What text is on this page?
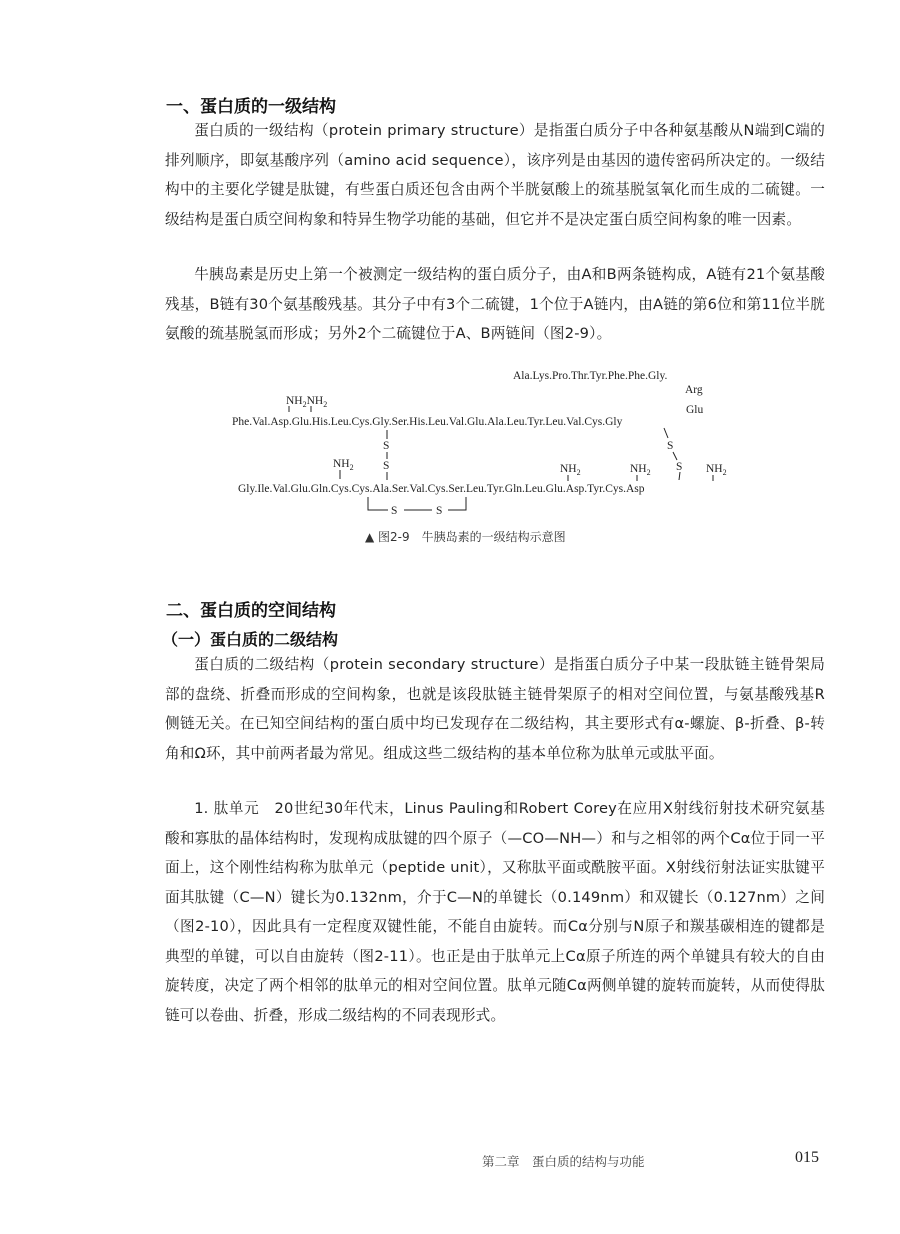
一、蛋白质的一级结构

蛋白质的一级结构（protein primary structure）是指蛋白质分子中各种氨基酸从N端到C端的排列顺序，即氨基酸序列（amino acid sequence），该序列是由基因的遗传密码所决定的。一级结构中的主要化学键是肽键，有些蛋白质还包含由两个半胱氨酸上的巯基脱氢氧化而生成的二硫键。一级结构是蛋白质空间构象和特异生物学功能的基础，但它并不是决定蛋白质空间构象的唯一因素。

牛胰岛素是历史上第一个被测定一级结构的蛋白质分子，由A和B两条链构成，A链有21个氨基酸残基，B链有30个氨基酸残基。其分子中有3个二硫键，1个位于A链内，由A链的第6位和第11位半胱氨酸的巯基脱氢而形成；另外2个二硫键位于A、B两链间（图2-9）。

Ala.Lys.Pro.Thr.Tyr.Phe.Phe.Gly.
Arg
Glu
$NH_2NH_2$
Phe.Val.Asp.Glu.His.Leu.Cys.Gly.Ser.His.Leu.Val.Glu.Ala.Leu.Tyr.Leu.Val.Cys.Gly
S
S
S
S
$NH_2$	$NH_2$	$NH_2$	$NH_2$
Gly.Ile.Val.Glu.Gln.Cys.Cys.Ala.Ser.Val.Cys.Ser.Leu.Tyr.Gln.Leu.Glu.Asp.Tyr.Cys.Asp
S	S
▲ 图2-9　牛胰岛素的一级结构示意图
二、蛋白质的空间结构
（一）蛋白质的二级结构

蛋白质的二级结构（protein secondary structure）是指蛋白质分子中某一段肽链主链骨架局部的盘绕、折叠而形成的空间构象，也就是该段肽链主链骨架原子的相对空间位置，与氨基酸残基R侧链无关。在已知空间结构的蛋白质中均已发现存在二级结构，其主要形式有α-螺旋、β-折叠、β-转角和Ω环，其中前两者最为常见。组成这些二级结构的基本单位称为肽单元或肽平面。

1. 肽单元　20世纪30年代末，Linus Pauling和Robert Corey在应用X射线衍射技术研究氨基酸和寡肽的晶体结构时，发现构成肽键的四个原子（—CO—NH—）和与之相邻的两个Cα位于同一平面上，这个刚性结构称为肽单元（peptide unit），又称肽平面或酰胺平面。X射线衍射法证实肽键平面其肽键（C—N）键长为0.132nm，介于C—N的单键长（0.149nm）和双键长（0.127nm）之间（图2-10），因此具有一定程度双键性能，不能自由旋转。而Cα分别与N原子和羰基碳相连的键都是典型的单键，可以自由旋转（图2-11）。也正是由于肽单元上Cα原子所连的两个单键具有较大的自由旋转度，决定了两个相邻的肽单元的相对空间位置。肽单元随Cα两侧单键的旋转而旋转，从而使得肽链可以卷曲、折叠，形成二级结构的不同表现形式。

第二章　蛋白质的结构与功能	015
